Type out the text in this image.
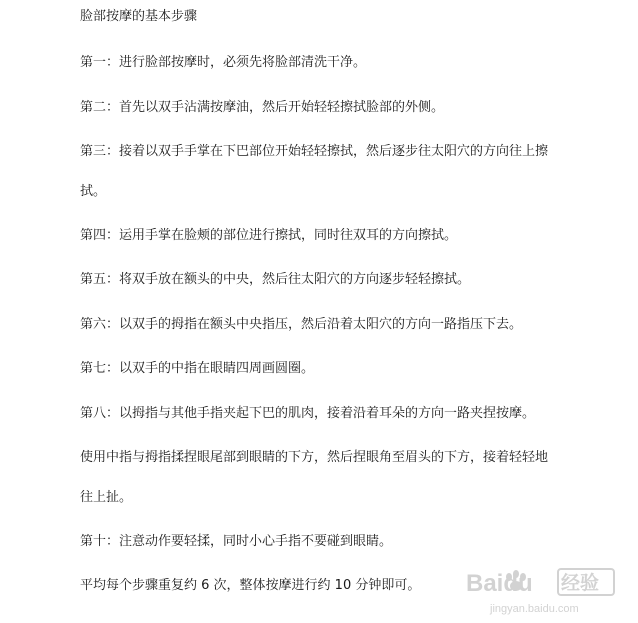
脸部按摩的基本步骤

第一：进行脸部按摩时，必须先将脸部清洗干净。

第二：首先以双手沾满按摩油，然后开始轻轻擦拭脸部的外侧。

第三：接着以双手手掌在下巴部位开始轻轻擦拭，然后逐步往太阳穴的方向往上擦拭。

第四：运用手掌在脸颊的部位进行擦拭，同时往双耳的方向擦拭。

第五：将双手放在额头的中央，然后往太阳穴的方向逐步轻轻擦拭。

第六：以双手的拇指在额头中央指压，然后沿着太阳穴的方向一路指压下去。

第七：以双手的中指在眼睛四周画圆圈。

第八：以拇指与其他手指夹起下巴的肌肉，接着沿着耳朵的方向一路夹捏按摩。

使用中指与拇指揉捏眼尾部到眼睛的下方，然后捏眼角至眉头的下方，接着轻轻地往上扯。

第十：注意动作要轻揉，同时小心手指不要碰到眼睛。

平均每个步骤重复约 6 次，整体按摩进行约 10 分钟即可。	Baidu 经验
jingyan.baidu.com
